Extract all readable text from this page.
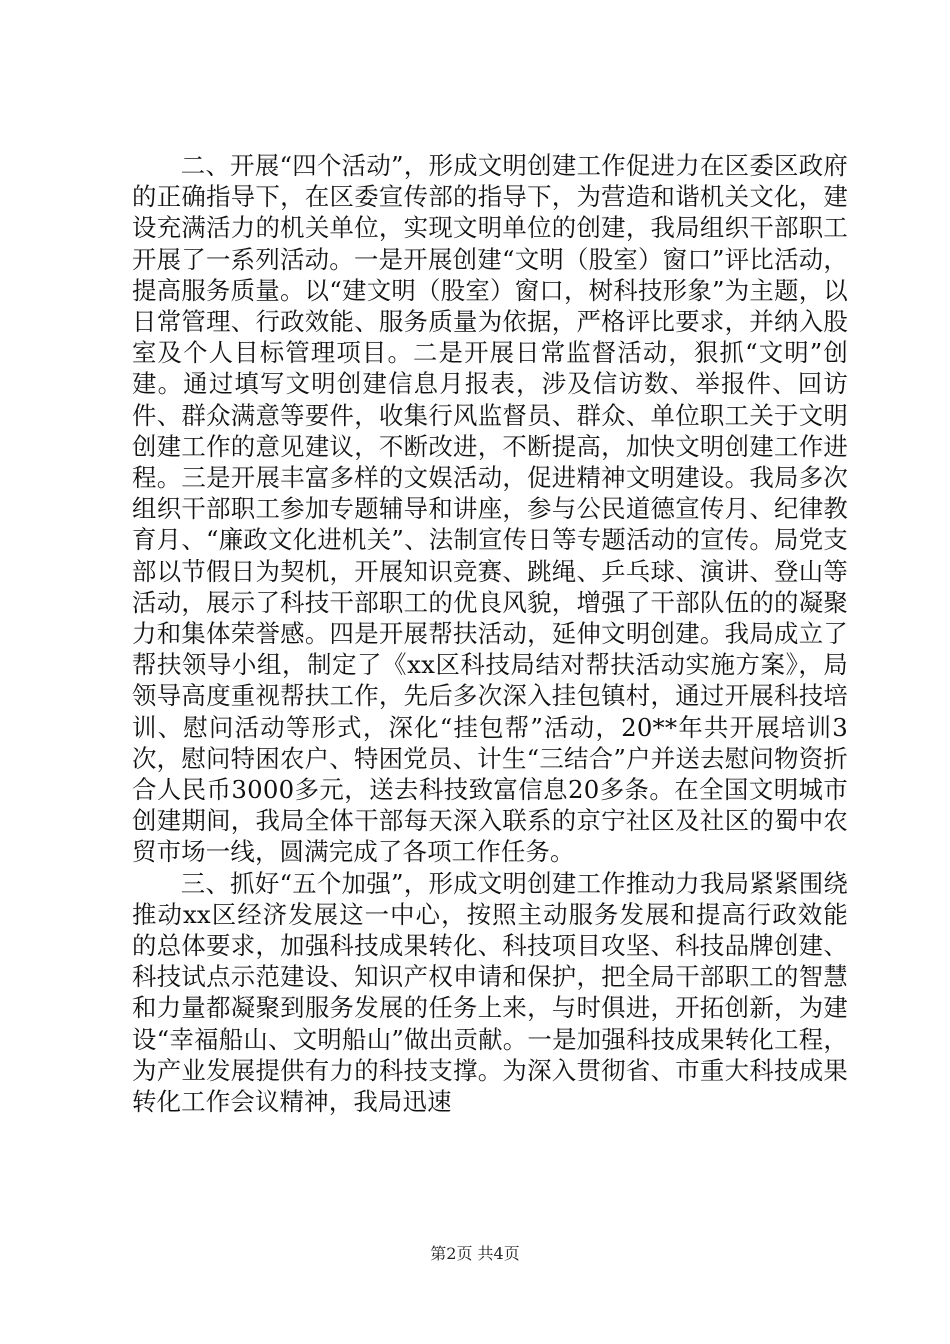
二、开展“四个活动”，形成文明创建工作促进力在区委区政府的正确指导下，在区委宣传部的指导下，为营造和谐机关文化，建设充满活力的机关单位，实现文明单位的创建，我局组织干部职工开展了一系列活动。一是开展创建“文明（股室）窗口”评比活动，提高服务质量。以“建文明（股室）窗口，树科技形象”为主题，以日常管理、行政效能、服务质量为依据，严格评比要求，并纳入股室及个人目标管理项目。二是开展日常监督活动，狠抓“文明”创建。通过填写文明创建信息月报表，涉及信访数、举报件、回访件、群众满意等要件，收集行风监督员、群众、单位职工关于文明创建工作的意见建议，不断改进，不断提高，加快文明创建工作进程。三是开展丰富多样的文娱活动，促进精神文明建设。我局多次组织干部职工参加专题辅导和讲座，参与公民道德宣传月、纪律教育月、“廉政文化进机关”、法制宣传日等专题活动的宣传。局党支部以节假日为契机，开展知识竞赛、跳绳、乒乓球、演讲、登山等活动，展示了科技干部职工的优良风貌，增强了干部队伍的的凝聚力和集体荣誉感。四是开展帮扶活动，延伸文明创建。我局成立了帮扶领导小组，制定了《xx区科技局结对帮扶活动实施方案》，局领导高度重视帮扶工作，先后多次深入挂包镇村，通过开展科技培训、慰问活动等形式，深化“挂包帮”活动，20**年共开展培训3次，慰问特困农户、特困党员、计生“三结合”户并送去慰问物资折合人民币3000多元，送去科技致富信息20多条。在全国文明城市创建期间，我局全体干部每天深入联系的京宁社区及社区的蜀中农贸市场一线，圆满完成了各项工作任务。

三、抓好“五个加强”，形成文明创建工作推动力我局紧紧围绕推动xx区经济发展这一中心，按照主动服务发展和提高行政效能的总体要求，加强科技成果转化、科技项目攻坚、科技品牌创建、科技试点示范建设、知识产权申请和保护，把全局干部职工的智慧和力量都凝聚到服务发展的任务上来，与时俱进，开拓创新，为建设“幸福船山、文明船山”做出贡献。一是加强科技成果转化工程，为产业发展提供有力的科技支撑。为深入贯彻省、市重大科技成果转化工作会议精神，我局迅速

第2页 共4页
